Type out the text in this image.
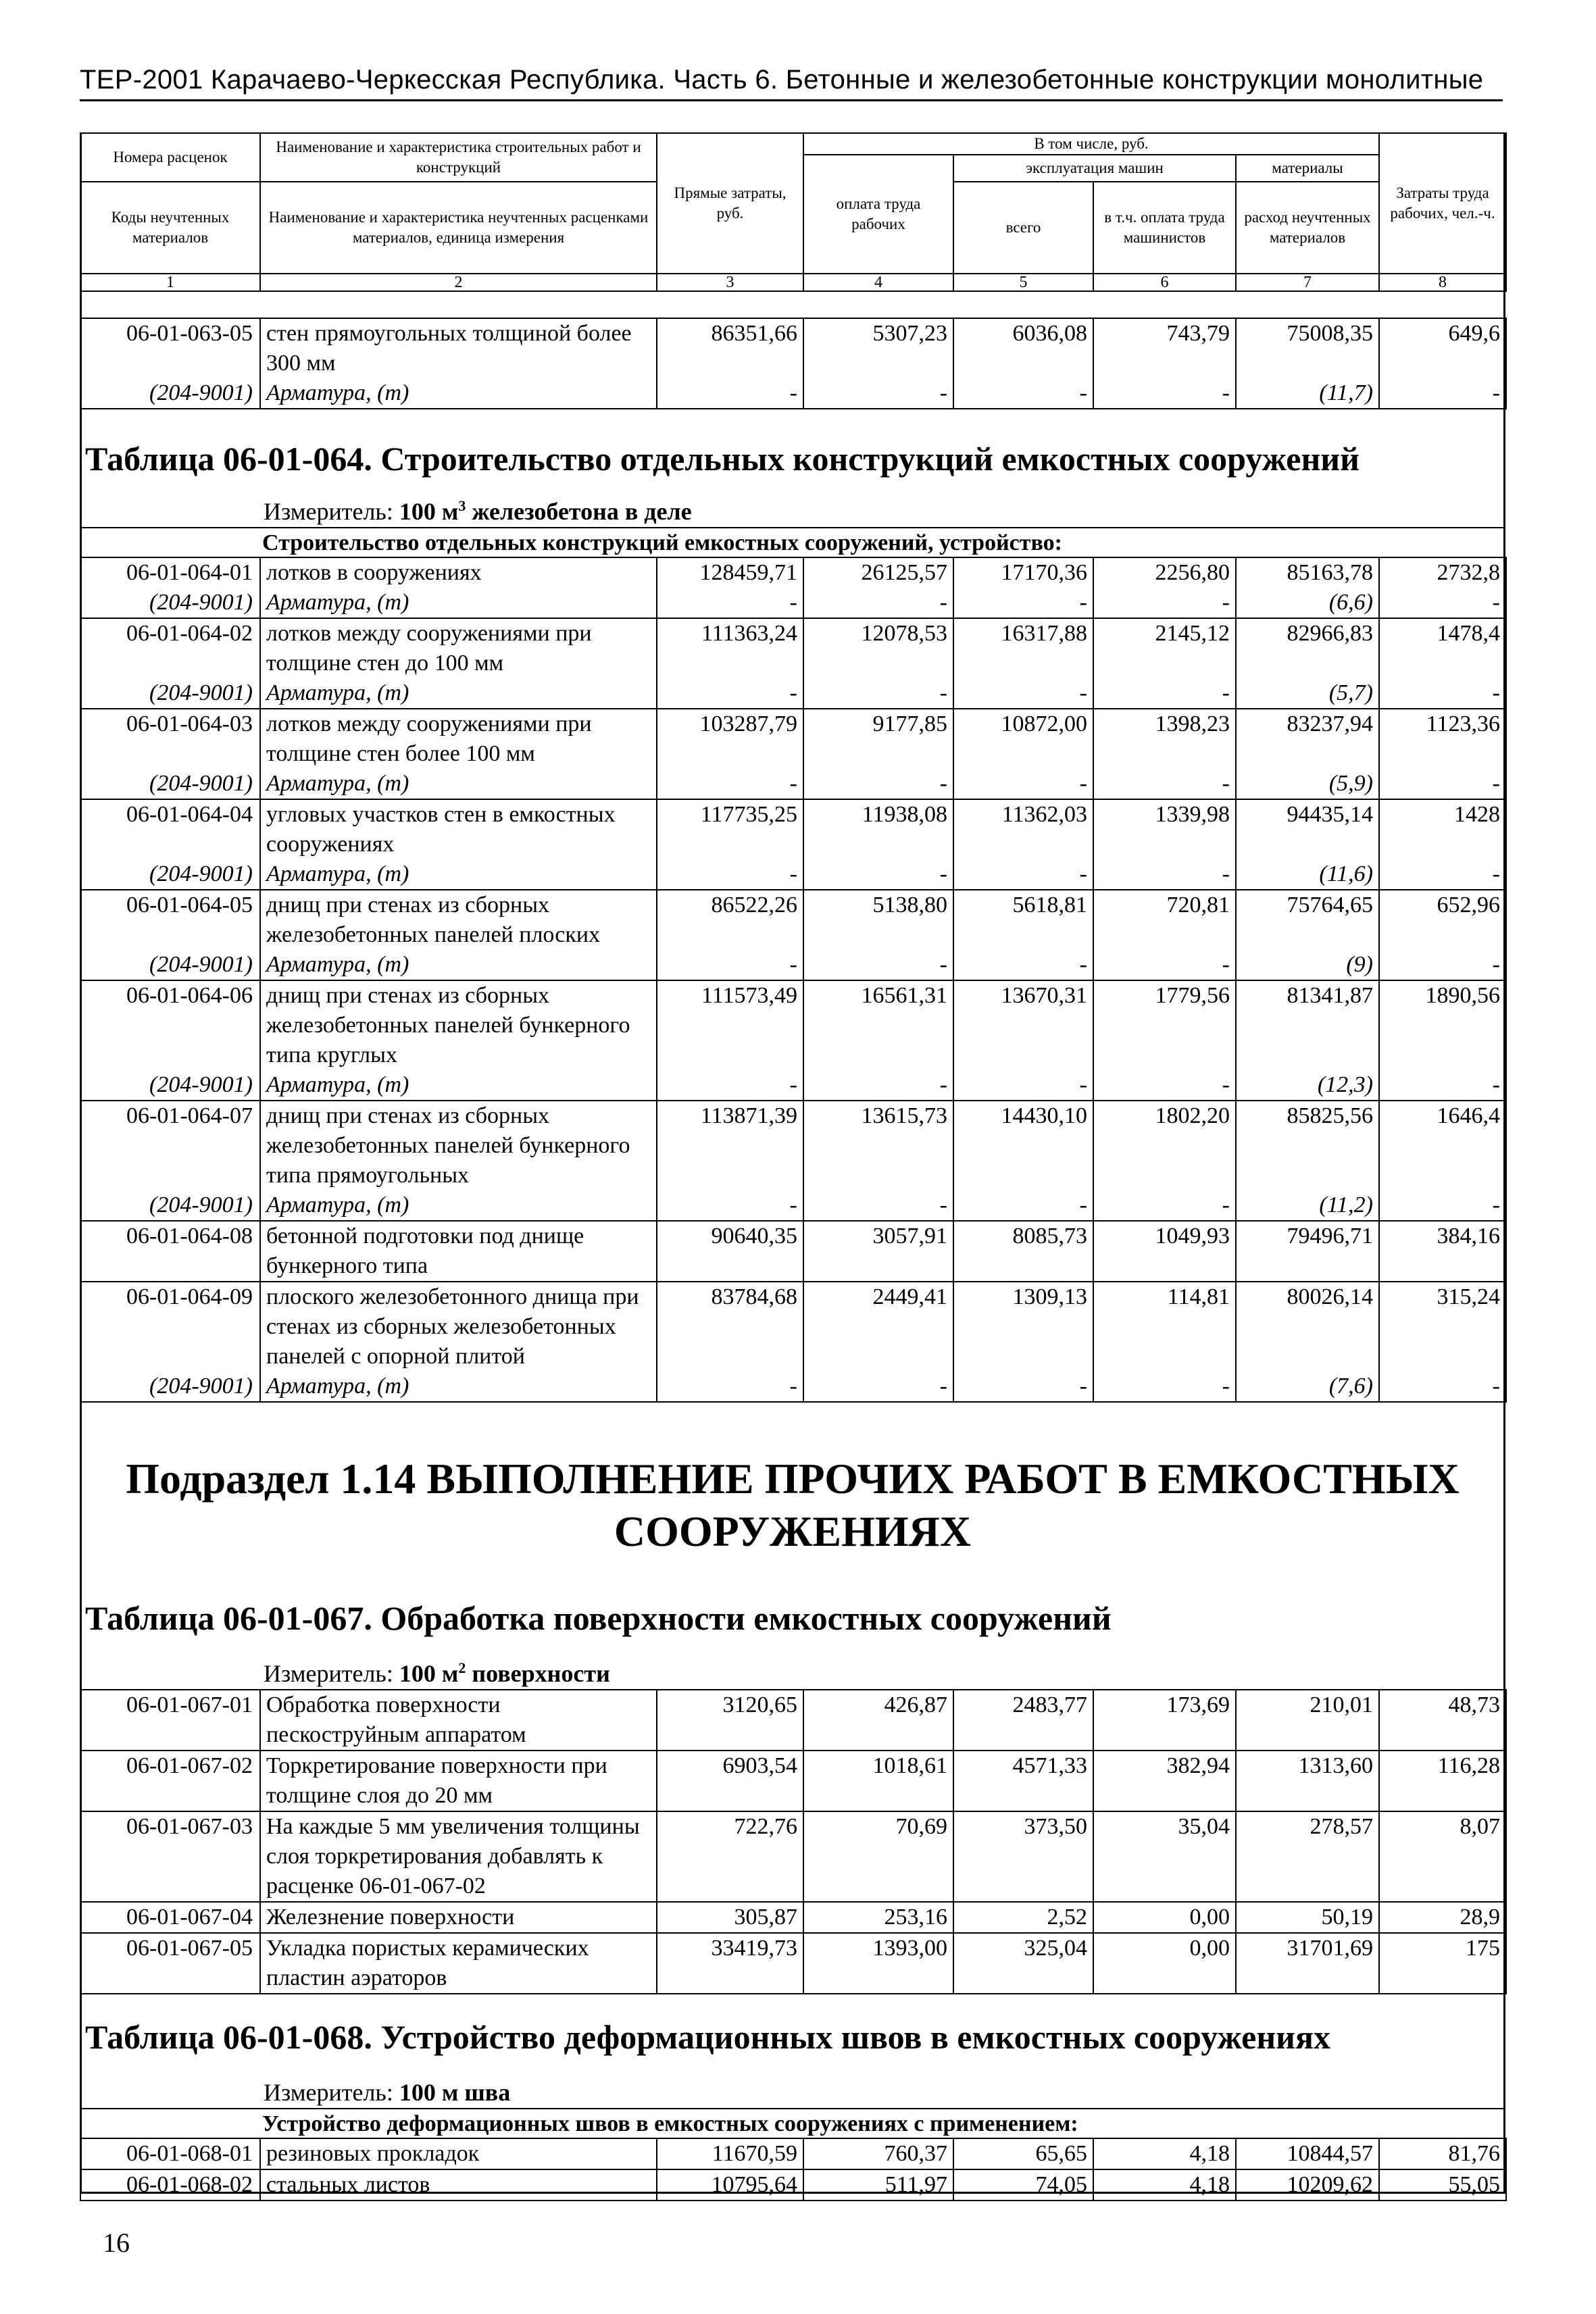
ТЕР-2001 Карачаево-Черкесская Республика. Часть 6. Бетонные и железобетонные конструкции монолитные
Номера расценок	Наименование и характеристика строительных работ и конструкций	Прямые затраты, руб.	В том числе, руб.				Затраты труда рабочих, чел.-ч.
			оплата труда рабочих	эксплуатация машин		материалы	
Коды неучтенных материалов	Наименование и характеристика неучтенных расценками материалов, единица измерения			всего	в т.ч. оплата труда машинистов	расход неучтенных материалов	

1	2	3	4	5	6	7	8
06-01-063-05	стен прямоугольных толщиной более 300 мм	86351,66	5307,23	6036,08	743,79	75008,35	649,6
(204-9001)	Арматура, (т)	-	-	-	-	(11,7)	-
Таблица 06-01-064. Строительство отдельных конструкций емкостных сооружений
Измеритель: 100 $м^3$ железобетона в деле
Строительство отдельных конструкций емкостных сооружений, устройство:
06-01-064-01	лотков в сооружениях	128459,71	26125,57	17170,36	2256,80	85163,78	2732,8
(204-9001)	Арматура, (т)	-	-	-	-	(6,6)	-
06-01-064-02	лотков между сооружениями при толщине стен до 100 мм	111363,24	12078,53	16317,88	2145,12	82966,83	1478,4
(204-9001)	Арматура, (т)	-	-	-	-	(5,7)	-
06-01-064-03	лотков между сооружениями при толщине стен более 100 мм	103287,79	9177,85	10872,00	1398,23	83237,94	1123,36
(204-9001)	Арматура, (т)	-	-	-	-	(5,9)	-
06-01-064-04	угловых участков стен в емкостных сооружениях	117735,25	11938,08	11362,03	1339,98	94435,14	1428
(204-9001)	Арматура, (т)	-	-	-	-	(11,6)	-
06-01-064-05	днищ при стенах из сборных железобетонных панелей плоских	86522,26	5138,80	5618,81	720,81	75764,65	652,96
(204-9001)	Арматура, (т)	-	-	-	-	(9)	-
06-01-064-06	днищ при стенах из сборных железобетонных панелей бункерного типа круглых	111573,49	16561,31	13670,31	1779,56	81341,87	1890,56
(204-9001)	Арматура, (т)	-	-	-	-	(12,3)	-
06-01-064-07	днищ при стенах из сборных железобетонных панелей бункерного типа прямоугольных	113871,39	13615,73	14430,10	1802,20	85825,56	1646,4
(204-9001)	Арматура, (т)	-	-	-	-	(11,2)	-
06-01-064-08	бетонной подготовки под днище бункерного типа	90640,35	3057,91	8085,73	1049,93	79496,71	384,16
06-01-064-09	плоского железобетонного днища при стенах из сборных железобетонных панелей с опорной плитой	83784,68	2449,41	1309,13	114,81	80026,14	315,24
(204-9001)	Арматура, (т)	-	-	-	-	(7,6)	-
Подраздел 1.14 ВЫПОЛНЕНИЕ ПРОЧИХ РАБОТ В ЕМКОСТНЫХ СООРУЖЕНИЯХ
Таблица 06-01-067. Обработка поверхности емкостных сооружений
Измеритель: 100 $м^2$ поверхности
06-01-067-01	Обработка поверхности пескоструйным аппаратом	3120,65	426,87	2483,77	173,69	210,01	48,73
06-01-067-02	Торкретирование поверхности при толщине слоя до 20 мм	6903,54	1018,61	4571,33	382,94	1313,60	116,28
06-01-067-03	На каждые 5 мм увеличения толщины слоя торкретирования добавлять к расценке 06-01-067-02	722,76	70,69	373,50	35,04	278,57	8,07
06-01-067-04	Железнение поверхности	305,87	253,16	2,52	0,00	50,19	28,9
06-01-067-05	Укладка пористых керамических пластин аэраторов	33419,73	1393,00	325,04	0,00	31701,69	175
Таблица 06-01-068. Устройство деформационных швов в емкостных сооружениях
Измеритель: 100 м шва
Устройство деформационных швов в емкостных сооружениях с применением:
06-01-068-01	резиновых прокладок	11670,59	760,37	65,65	4,18	10844,57	81,76
06-01-068-02	стальных листов	10795,64	511,97	74,05	4,18	10209,62	55,05
16
